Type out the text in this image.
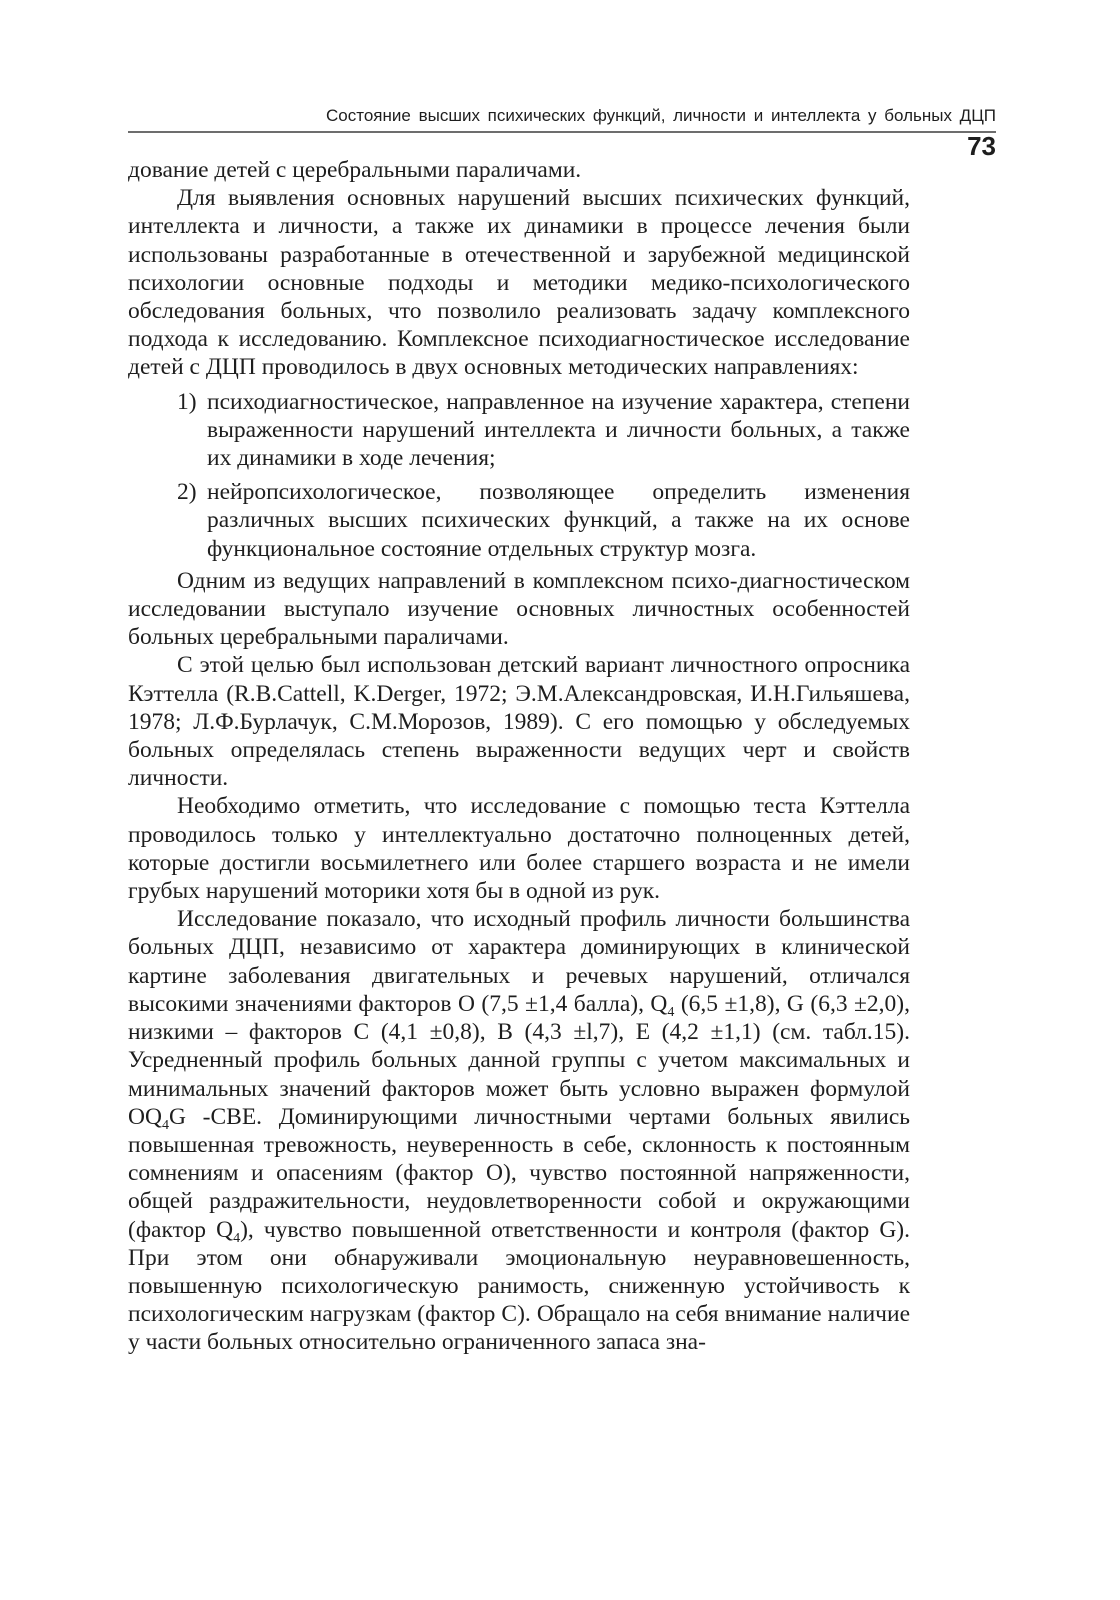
Состояние высших психических функций, личности и интеллекта у больных ДЦП
73

дование детей с церебральными параличами.

Для выявления основных нарушений высших психических функций, интеллекта и личности, а также их динамики в процессе лечения были использованы разработанные в отечественной и зарубежной медицинской психологии основные подходы и методики медико-психологического обследования больных, что позволило реализовать задачу комплексного подхода к исследованию. Комплексное психодиагностическое исследование детей с ДЦП проводилось в двух основных методических направлениях:

1) психодиагностическое, направленное на изучение характера, степени выраженности нарушений интеллекта и личности больных, а также их динамики в ходе лечения;

2) нейропсихологическое, позволяющее определить изменения различных высших психических функций, а также на их основе функциональное состояние отдельных структур мозга.

Одним из ведущих направлений в комплексном психо-диагностическом исследовании выступало изучение основных личностных особенностей больных церебральными параличами.

С этой целью был использован детский вариант личностного опросника Кэттелла (R.B.Cattell, K.Derger, 1972; Э.М.Александровская, И.Н.Гильяшева, 1978; Л.Ф.Бурлачук, С.М.Морозов, 1989). С его помощью у обследуемых больных определялась степень выраженности ведущих черт и свойств личности.

Необходимо отметить, что исследование с помощью теста Кэттелла проводилось только у интеллектуально достаточно полноценных детей, которые достигли восьмилетнего или более старшего возраста и не имели грубых нарушений моторики хотя бы в одной из рук.

Исследование показало, что исходный профиль личности большинства больных ДЦП, независимо от характера доминирующих в клинической картине заболевания двигательных и речевых нарушений, отличался высокими значениями факторов O (7,5 ±1,4 балла), $Q_4$ (6,5 ±1,8), G (6,3 ±2,0), низкими – факторов C (4,1 ±0,8), B (4,3 ±l,7), E (4,2 ±1,1) (см. табл.15). Усредненный профиль больных данной группы с учетом максимальных и минимальных значений факторов может быть условно выражен формулой $OQ_4G$ -CBE. Доминирующими личностными чертами больных явились повышенная тревожность, неуверенность в себе, склонность к постоянным сомнениям и опасениям (фактор O), чувство постоянной напряженности, общей раздражительности, неудовлетворенности собой и окружающими (фактор $Q_4$), чувство повышенной ответственности и контроля (фактор G). При этом они обнаруживали эмоциональную неуравновешенность, повышенную психологическую ранимость, сниженную устойчивость к психологическим нагрузкам (фактор C). Обращало на себя внимание наличие у части больных относительно ограниченного запаса зна-
